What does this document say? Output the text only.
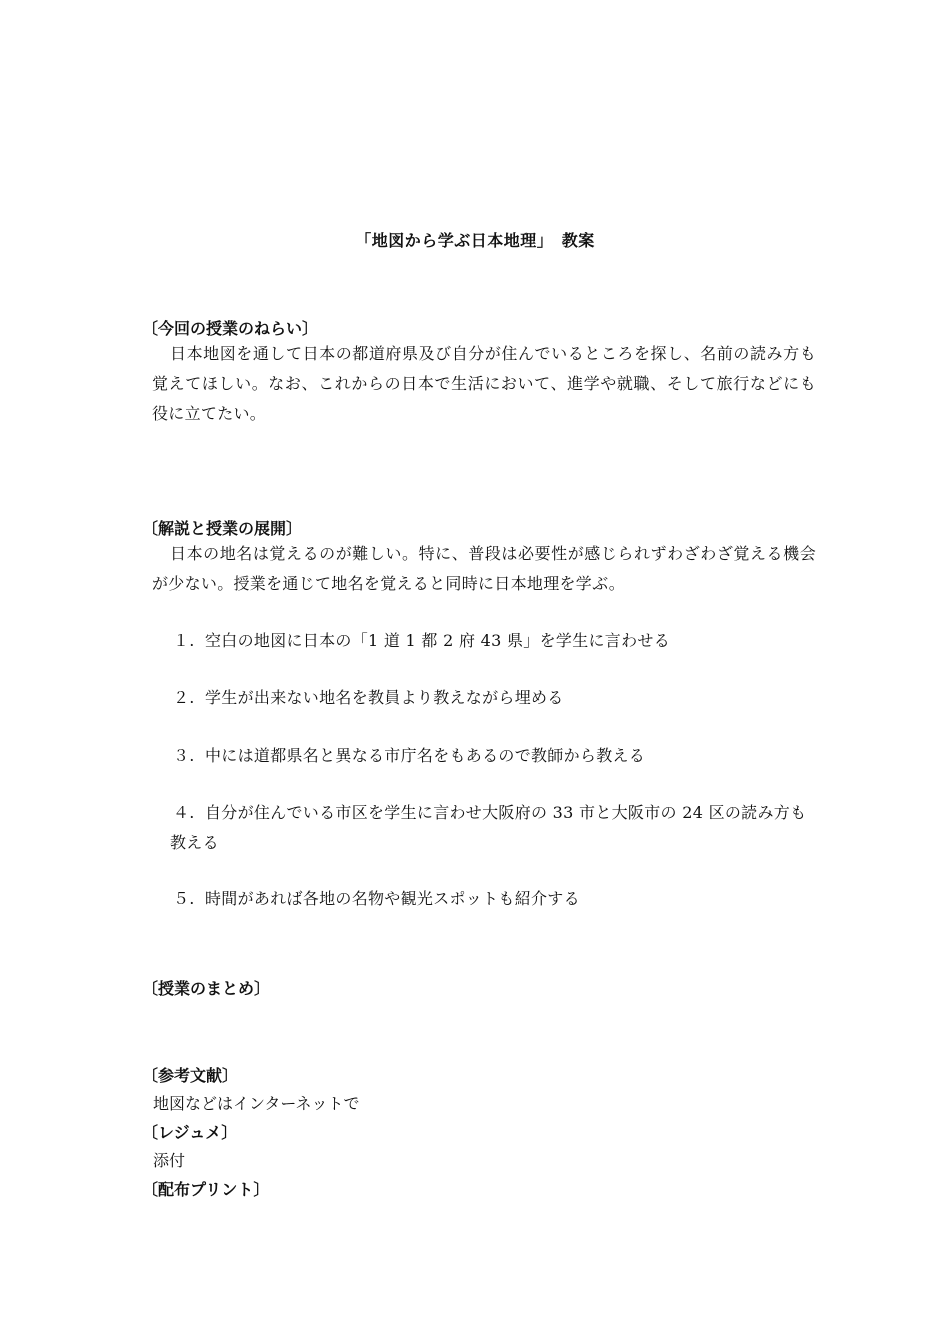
「地図から学ぶ日本地理」　教案
〔今回の授業のねらい〕
日本地図を通して日本の都道府県及び自分が住んでいるところを探し、名前の読み方も覚えてほしい。なお、これからの日本で生活において、進学や就職、そして旅行などにも役に立てたい。
〔解説と授業の展開〕
日本の地名は覚えるのが難しい。特に、普段は必要性が感じられずわざわざ覚える機会が少ない。授業を通じて地名を覚えると同時に日本地理を学ぶ。
１. 空白の地図に日本の「1 道 1 都 2 府 43 県」を学生に言わせる
２. 学生が出来ない地名を教員より教えながら埋める
３. 中には道都県名と異なる市庁名をもあるので教師から教える
４. 自分が住んでいる市区を学生に言わせ大阪府の 33 市と大阪市の 24 区の読み方も教える
５. 時間があれば各地の名物や観光スポットも紹介する
〔授業のまとめ〕
〔参考文献〕
地図などはインターネットで
〔レジュメ〕
添付
〔配布プリント〕
